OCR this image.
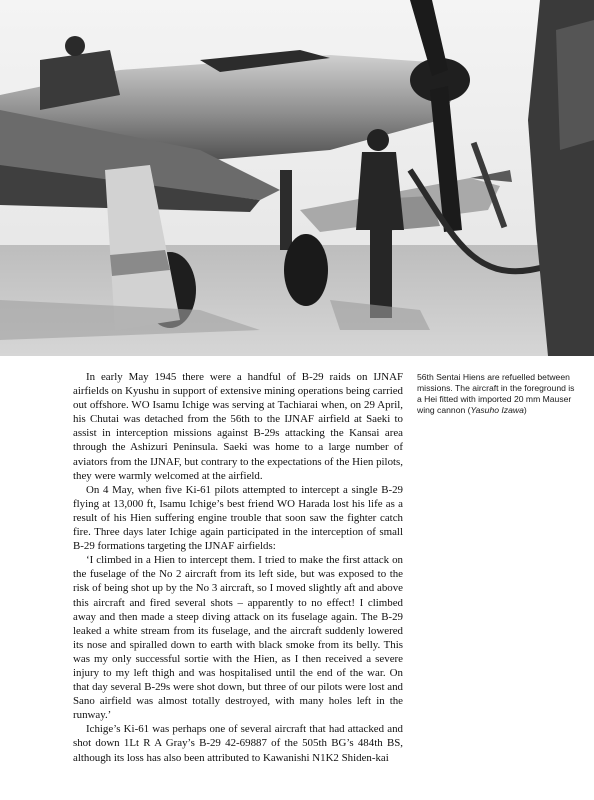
56th Sentai Hiens are refuelled between missions. The aircraft in the foreground is a Hei fitted with imported 20 mm Mauser wing cannon (Yasuho Izawa)

In early May 1945 there were a handful of B-29 raids on IJNAF airfields on Kyushu in support of extensive mining operations being carried out offshore. WO Isamu Ichige was serving at Tachiarai when, on 29 April, his Chutai was detached from the 56th to the IJNAF airfield at Saeki to assist in interception missions against B-29s attacking the Kansai area through the Ashizuri Peninsula. Saeki was home to a large number of aviators from the IJNAF, but contrary to the expectations of the Hien pilots, they were warmly welcomed at the airfield.

On 4 May, when five Ki-61 pilots attempted to intercept a single B-29 flying at 13,000 ft, Isamu Ichige’s best friend WO Harada lost his life as a result of his Hien suffering engine trouble that soon saw the fighter catch fire. Three days later Ichige again participated in the interception of small B-29 formations targeting the IJNAF airfields:

‘I climbed in a Hien to intercept them. I tried to make the first attack on the fuselage of the No 2 aircraft from its left side, but was exposed to the risk of being shot up by the No 3 aircraft, so I moved slightly aft and above this aircraft and fired several shots – apparently to no effect! I climbed away and then made a steep diving attack on its fuselage again. The B-29 leaked a white stream from its fuselage, and the aircraft suddenly lowered its nose and spiralled down to earth with black smoke from its belly. This was my only successful sortie with the Hien, as I then received a severe injury to my left thigh and was hospitalised until the end of the war. On that day several B-29s were shot down, but three of our pilots were lost and Sano airfield was almost totally destroyed, with many holes left in the runway.’

Ichige’s Ki-61 was perhaps one of several aircraft that had attacked and shot down 1Lt R A Gray’s B-29 42-69887 of the 505th BG’s 484th BS, although its loss has also been attributed to Kawanishi N1K2 Shiden-kai
